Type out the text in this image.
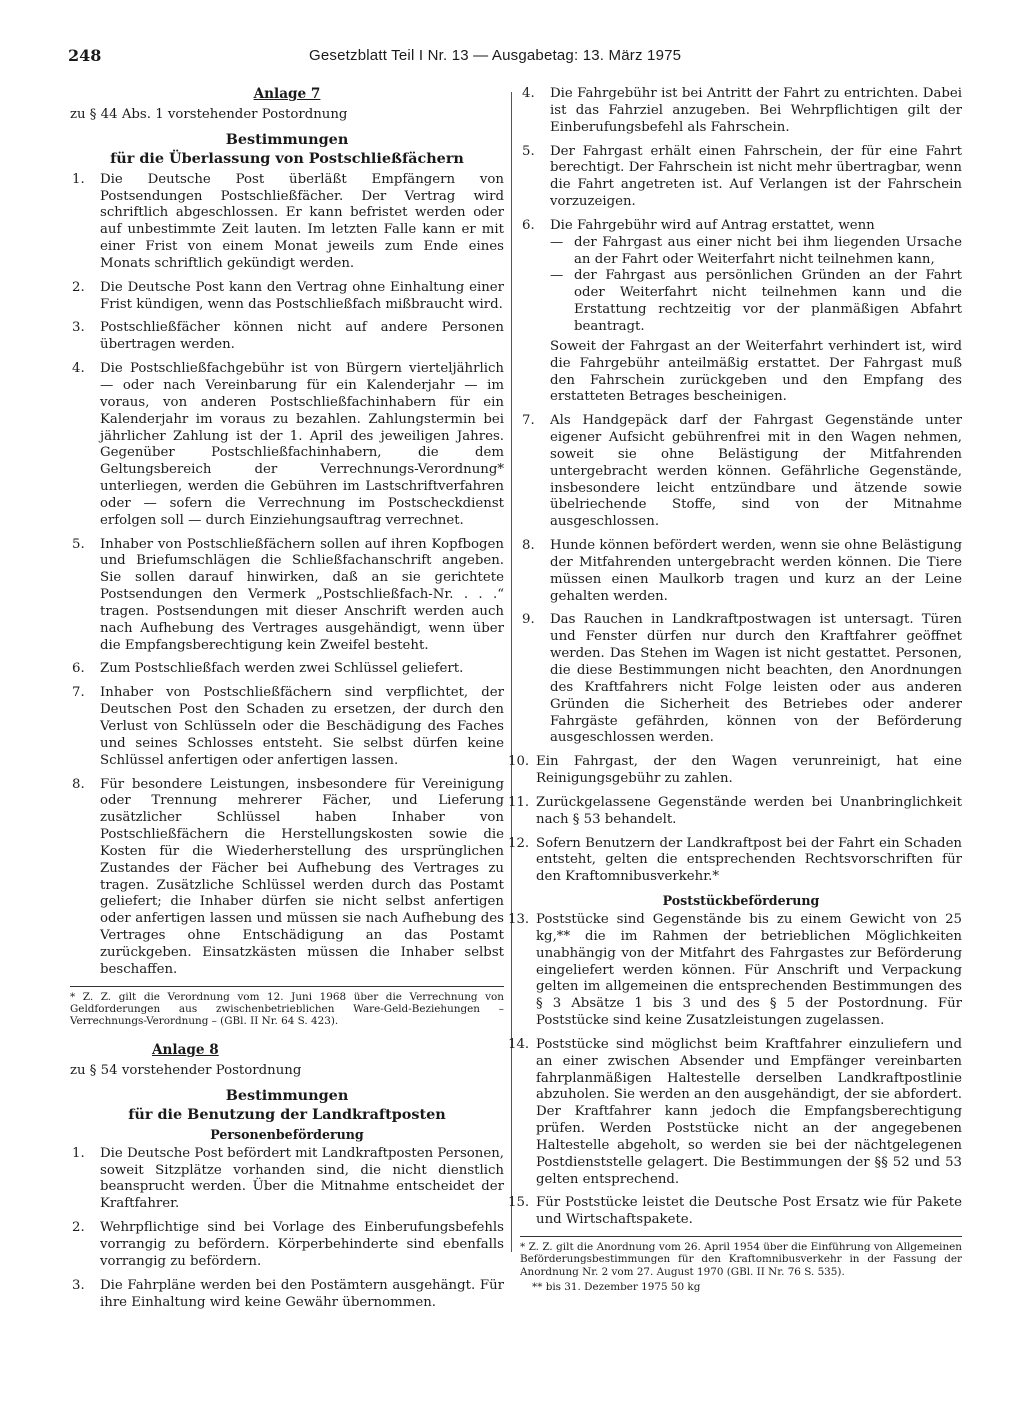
248	Gesetzblatt Teil I Nr. 13 — Ausgabetag: 13. März 1975
Anlage 7
zu § 44 Abs. 1 vorstehender Postordnung
Bestimmungen
für die Überlassung von Postschließfächern
1.	Die Deutsche Post überläßt Empfängern von Postsendungen Postschließfächer. Der Vertrag wird schriftlich abgeschlossen. Er kann befristet werden oder auf unbestimmte Zeit lauten. Im letzten Falle kann er mit einer Frist von einem Monat jeweils zum Ende eines Monats schriftlich gekündigt werden.
2.	Die Deutsche Post kann den Vertrag ohne Einhaltung einer Frist kündigen, wenn das Postschließfach mißbraucht wird.
3.	Postschließfächer können nicht auf andere Personen übertragen werden.
4.	Die Postschließfachgebühr ist von Bürgern vierteljährlich — oder nach Vereinbarung für ein Kalenderjahr — im voraus, von anderen Postschließfachinhabern für ein Kalenderjahr im voraus zu bezahlen. Zahlungstermin bei jährlicher Zahlung ist der 1. April des jeweiligen Jahres. Gegenüber Postschließfachinhabern, die dem Geltungsbereich der Verrechnungs-Verordnung* unterliegen, werden die Gebühren im Lastschriftverfahren oder — sofern die Verrechnung im Postscheckdienst erfolgen soll — durch Einziehungsauftrag verrechnet.
5.	Inhaber von Postschließfächern sollen auf ihren Kopfbogen und Briefumschlägen die Schließfachanschrift angeben. Sie sollen darauf hinwirken, daß an sie gerichtete Postsendungen den Vermerk „Postschließfach-Nr. . . .“ tragen. Postsendungen mit dieser Anschrift werden auch nach Aufhebung des Vertrages ausgehändigt, wenn über die Empfangsberechtigung kein Zweifel besteht.
6.	Zum Postschließfach werden zwei Schlüssel geliefert.
7.	Inhaber von Postschließfächern sind verpflichtet, der Deutschen Post den Schaden zu ersetzen, der durch den Verlust von Schlüsseln oder die Beschädigung des Faches und seines Schlosses entsteht. Sie selbst dürfen keine Schlüssel anfertigen oder anfertigen lassen.
8.	Für besondere Leistungen, insbesondere für Vereinigung oder Trennung mehrerer Fächer, und Lieferung zusätzlicher Schlüssel haben Inhaber von Postschließfächern die Herstellungskosten sowie die Kosten für die Wiederherstellung des ursprünglichen Zustandes der Fächer bei Aufhebung des Vertrages zu tragen. Zusätzliche Schlüssel werden durch das Postamt geliefert; die Inhaber dürfen sie nicht selbst anfertigen oder anfertigen lassen und müssen sie nach Aufhebung des Vertrages ohne Entschädigung an das Postamt zurückgeben. Einsatzkästen müssen die Inhaber selbst beschaffen.
* Z. Z. gilt die Verordnung vom 12. Juni 1968 über die Verrechnung von Geldforderungen aus zwischenbetrieblichen Ware-Geld-Beziehungen – Verrechnungs-Verordnung – (GBl. II Nr. 64 S. 423).
Anlage 8
zu § 54 vorstehender Postordnung
Bestimmungen
für die Benutzung der Landkraftposten
Personenbeförderung
1.	Die Deutsche Post befördert mit Landkraftposten Personen, soweit Sitzplätze vorhanden sind, die nicht dienstlich beansprucht werden. Über die Mitnahme entscheidet der Kraftfahrer.
2.	Wehrpflichtige sind bei Vorlage des Einberufungsbefehls vorrangig zu befördern. Körperbehinderte sind ebenfalls vorrangig zu befördern.
3.	Die Fahrpläne werden bei den Postämtern ausgehängt. Für ihre Einhaltung wird keine Gewähr übernommen.
4.	Die Fahrgebühr ist bei Antritt der Fahrt zu entrichten. Dabei ist das Fahrziel anzugeben. Bei Wehrpflichtigen gilt der Einberufungsbefehl als Fahrschein.
5.	Der Fahrgast erhält einen Fahrschein, der für eine Fahrt berechtigt. Der Fahrschein ist nicht mehr übertragbar, wenn die Fahrt angetreten ist. Auf Verlangen ist der Fahrschein vorzuzeigen.
6.	Die Fahrgebühr wird auf Antrag erstattet, wenn
— der Fahrgast aus einer nicht bei ihm liegenden Ursache an der Fahrt oder Weiterfahrt nicht teilnehmen kann,
— der Fahrgast aus persönlichen Gründen an der Fahrt oder Weiterfahrt nicht teilnehmen kann und die Erstattung rechtzeitig vor der planmäßigen Abfahrt beantragt.
Soweit der Fahrgast an der Weiterfahrt verhindert ist, wird die Fahrgebühr anteilmäßig erstattet. Der Fahrgast muß den Fahrschein zurückgeben und den Empfang des erstatteten Betrages bescheinigen.
7.	Als Handgepäck darf der Fahrgast Gegenstände unter eigener Aufsicht gebührenfrei mit in den Wagen nehmen, soweit sie ohne Belästigung der Mitfahrenden untergebracht werden können. Gefährliche Gegenstände, insbesondere leicht entzündbare und ätzende sowie übelriechende Stoffe, sind von der Mitnahme ausgeschlossen.
8.	Hunde können befördert werden, wenn sie ohne Belästigung der Mitfahrenden untergebracht werden können. Die Tiere müssen einen Maulkorb tragen und kurz an der Leine gehalten werden.
9.	Das Rauchen in Landkraftpostwagen ist untersagt. Türen und Fenster dürfen nur durch den Kraftfahrer geöffnet werden. Das Stehen im Wagen ist nicht gestattet. Personen, die diese Bestimmungen nicht beachten, den Anordnungen des Kraftfahrers nicht Folge leisten oder aus anderen Gründen die Sicherheit des Betriebes oder anderer Fahrgäste gefährden, können von der Beförderung ausgeschlossen werden.
10. Ein Fahrgast, der den Wagen verunreinigt, hat eine Reinigungsgebühr zu zahlen.
11. Zurückgelassene Gegenstände werden bei Unanbringlichkeit nach § 53 behandelt.
12. Sofern Benutzern der Landkraftpost bei der Fahrt ein Schaden entsteht, gelten die entsprechenden Rechtsvorschriften für den Kraftomnibusverkehr.*
Poststückbeförderung
13. Poststücke sind Gegenstände bis zu einem Gewicht von 25 kg,** die im Rahmen der betrieblichen Möglichkeiten unabhängig von der Mitfahrt des Fahrgastes zur Beförderung eingeliefert werden können. Für Anschrift und Verpackung gelten im allgemeinen die entsprechenden Bestimmungen des § 3 Absätze 1 bis 3 und des § 5 der Postordnung. Für Poststücke sind keine Zusatzleistungen zugelassen.
14. Poststücke sind möglichst beim Kraftfahrer einzuliefern und an einer zwischen Absender und Empfänger vereinbarten fahrplanmäßigen Haltestelle derselben Landkraftpostlinie abzuholen. Sie werden an den ausgehändigt, der sie abfordert. Der Kraftfahrer kann jedoch die Empfangsberechtigung prüfen. Werden Poststücke nicht an der angegebenen Haltestelle abgeholt, so werden sie bei der nächtgelegenen Postdienststelle gelagert. Die Bestimmungen der §§ 52 und 53 gelten entsprechend.
15. Für Poststücke leistet die Deutsche Post Ersatz wie für Pakete und Wirtschaftspakete.
* Z. Z. gilt die Anordnung vom 26. April 1954 über die Einführung von Allgemeinen Beförderungsbestimmungen für den Kraftomnibusverkehr in der Fassung der Anordnung Nr. 2 vom 27. August 1970 (GBl. II Nr. 76 S. 535).
** bis 31. Dezember 1975 50 kg
